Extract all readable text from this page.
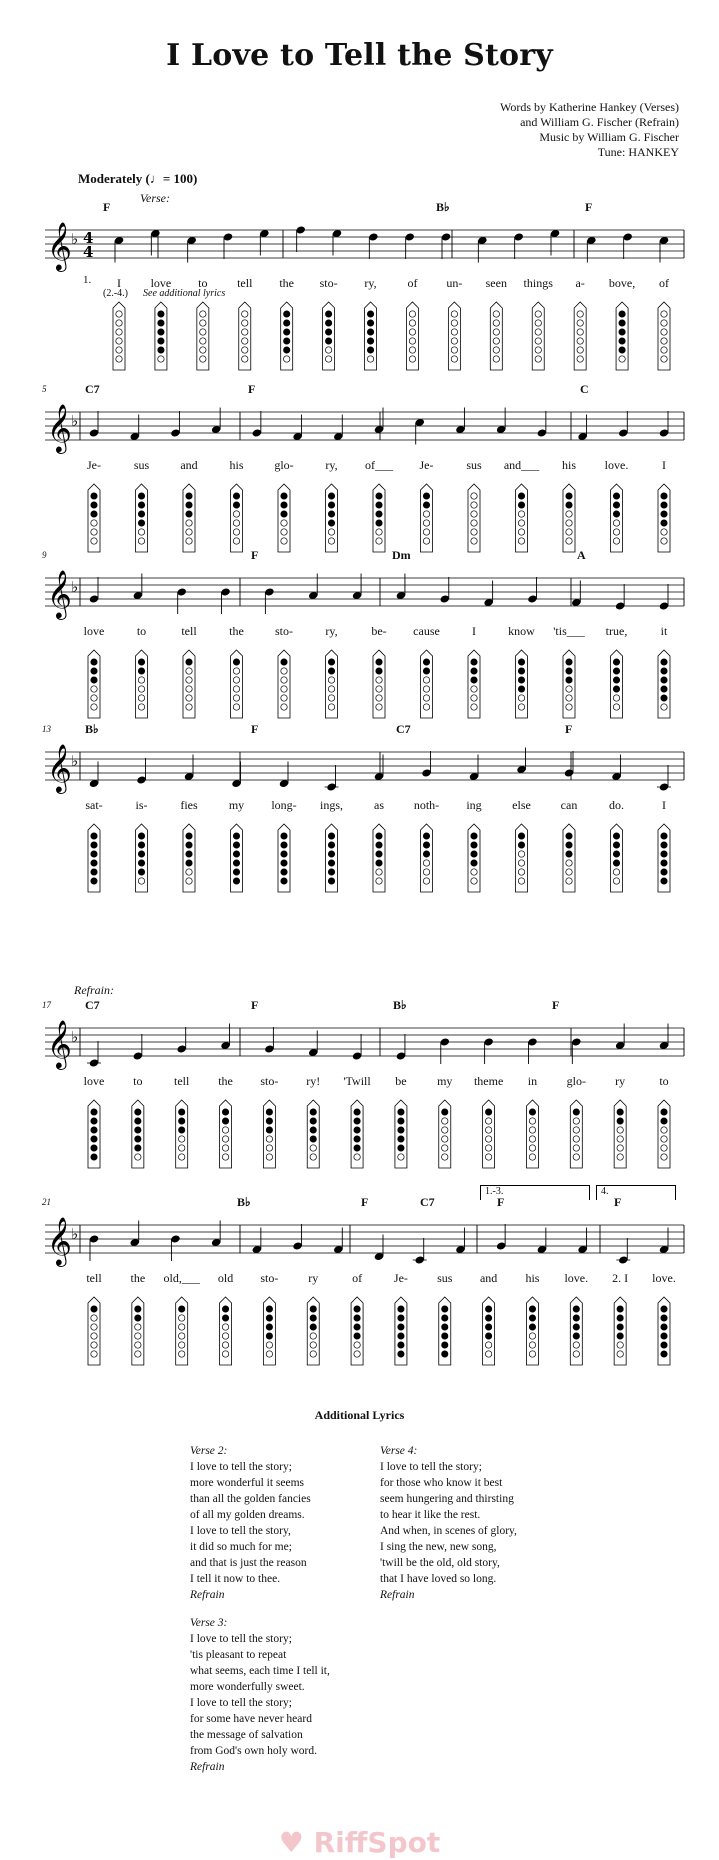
I Love to Tell the Story
Words by Katherine Hankey (Verses)
and William G. Fischer (Refrain)
Music by William G. Fischer
Tune: HANKEY
Moderately (♩= 100)
Verse:
Refrain:
1.
(2.-4.) See additional lyrics
𝄞 ♭ 4
4
F	B♭	F
I love to tell the sto- ry,	of un- seen things a- bove, of
𝄞 ♭
5	C7	F	C
Je-	sus	and	his	glo-	ry, of___ Je-	sus and___ his love.	I
𝄞 ♭
9	F	Dm	A
love	to	tell	the	sto-	ry,	be- cause	I	know 'tis___ true,	it
𝄞 ♭
13	B♭	F	C7	F
sat-	is-	fies	my long- ings,	as noth- ing	else can	do.	I
𝄞 ♭
17	C7	F	B♭	F
love to	tell the sto- ry! 'Twill be	my theme in glo- ry	to
𝄞 ♭
21	B♭	F	C7	F	F
tell the old,___ old sto- ry	of	Je- sus and his love. 2. I love.
1.-3.	4.
Additional Lyrics
Verse 2:
I love to tell the story;
more wonderful it seems
than all the golden fancies
of all my golden dreams.
I love to tell the story,
it did so much for me;
and that is just the reason
I tell it now to thee.
Refrain
Verse 3:
I love to tell the story;
'tis pleasant to repeat
what seems, each time I tell it,
more wonderfully sweet.
I love to tell the story;
for some have never heard
the message of salvation
from God's own holy word.
Refrain
Verse 4:
I love to tell the story;
for those who know it best
seem hungering and thirsting
to hear it like the rest.
And when, in scenes of glory,
I sing the new, new song,
'twill be the old, old story,
that I have loved so long.
Refrain
♥ RiffSpot
